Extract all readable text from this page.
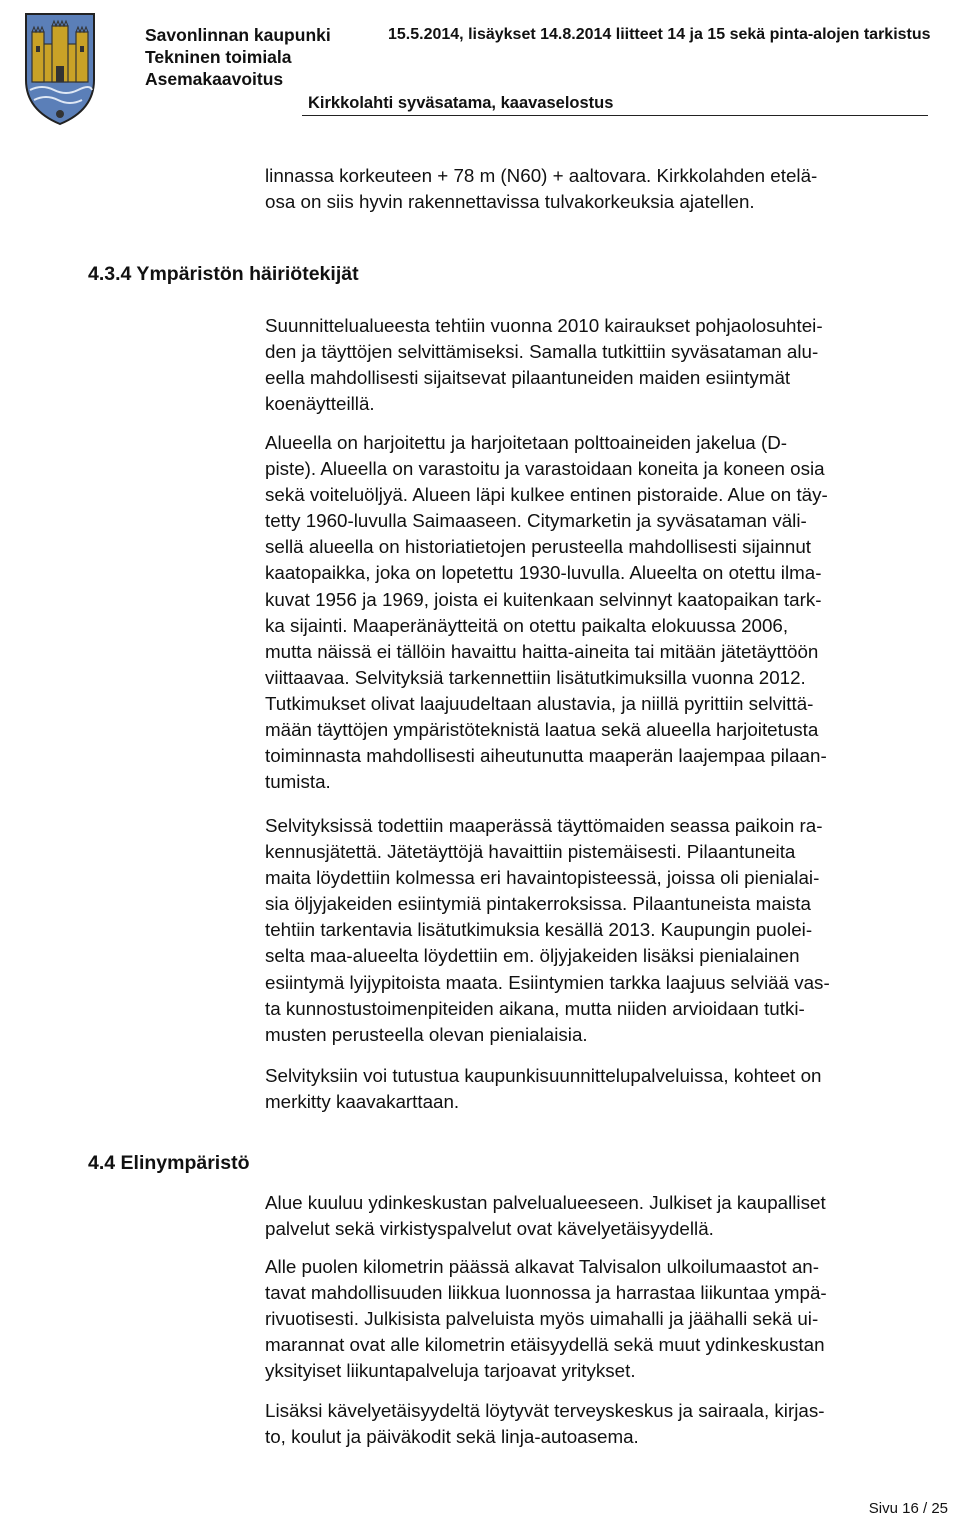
Savonlinnan kaupunki
Tekninen toimiala
Asemakaavoitus
15.5.2014, lisäykset 14.8.2014 liitteet 14 ja 15 sekä pinta-alojen tarkistus
Kirkkolahti syväsatama, kaavaselostus
linnassa korkeuteen + 78 m (N60) + aaltovara. Kirkkolahden etelä-
osa on siis hyvin rakennettavissa tulvakorkeuksia ajatellen.
4.3.4 Ympäristön häiriötekijät
Suunnittelualueesta tehtiin vuonna 2010 kairaukset pohjaolosuhtei-
den ja täyttöjen selvittämiseksi. Samalla tutkittiin syväsataman alu-
eella mahdollisesti sijaitsevat pilaantuneiden maiden esiintymät
koenäytteillä.
Alueella on harjoitettu ja harjoitetaan polttoaineiden jakelua (D-
piste). Alueella on varastoitu ja varastoidaan koneita ja koneen osia
sekä voiteluöljyä. Alueen läpi kulkee entinen pistoraide. Alue on täy-
tetty 1960-luvulla Saimaaseen. Citymarketin ja syväsataman väli-
sellä alueella on historiatietojen perusteella mahdollisesti sijainnut
kaatopaikka, joka on lopetettu 1930-luvulla. Alueelta on otettu ilma-
kuvat 1956 ja 1969, joista ei kuitenkaan selvinnyt kaatopaikan tark-
ka sijainti. Maaperänäytteitä on otettu paikalta elokuussa 2006,
mutta näissä ei tällöin havaittu haitta-aineita tai mitään jätetäyttöön
viittaavaa. Selvityksiä tarkennettiin lisätutkimuksilla vuonna 2012.
Tutkimukset olivat laajuudeltaan alustavia, ja niillä pyrittiin selvittä-
mään täyttöjen ympäristöteknistä laatua sekä alueella harjoitetusta
toiminnasta mahdollisesti aiheutunutta maaperän laajempaa pilaan-
tumista.
Selvityksissä todettiin maaperässä täyttömaiden seassa paikoin ra-
kennusjätettä. Jätetäyttöjä havaittiin pistemäisesti. Pilaantuneita
maita löydettiin kolmessa eri havaintopisteessä, joissa oli pienialai-
sia öljyjakeiden esiintymiä pintakerroksissa. Pilaantuneista maista
tehtiin tarkentavia lisätutkimuksia kesällä 2013. Kaupungin puolei-
selta maa-alueelta löydettiin em. öljyjakeiden lisäksi pienialainen
esiintymä lyijypitoista maata. Esiintymien tarkka laajuus selviää vas-
ta kunnostustoimenpiteiden aikana, mutta niiden arvioidaan tutki-
musten perusteella olevan pienialaisia.
Selvityksiin voi tutustua kaupunkisuunnittelupalveluissa, kohteet on
merkitty kaavakarttaan.
4.4 Elinympäristö
Alue kuuluu ydinkeskustan palvelualueeseen. Julkiset ja kaupalliset
palvelut sekä virkistyspalvelut ovat kävelyetäisyydellä.
Alle puolen kilometrin päässä alkavat Talvisalon ulkoilumaastot an-
tavat mahdollisuuden liikkua luonnossa ja harrastaa liikuntaa ympä-
rivuotisesti. Julkisista palveluista myös uimahalli ja jäähalli sekä ui-
marannat ovat alle kilometrin etäisyydellä sekä muut ydinkeskustan
yksityiset liikuntapalveluja tarjoavat yritykset.
Lisäksi kävelyetäisyydeltä löytyvät terveyskeskus ja sairaala, kirjas-
to, koulut ja päiväkodit sekä linja-autoasema.
Sivu 16 / 25
